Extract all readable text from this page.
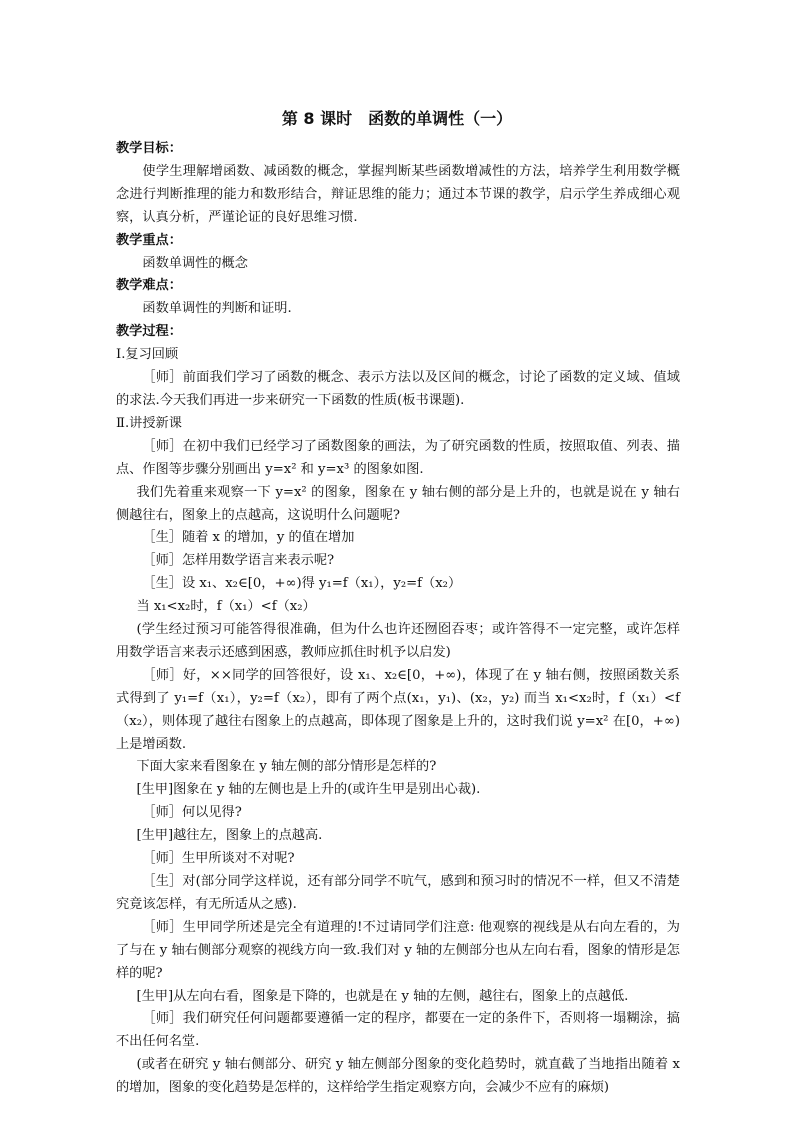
第 8 课时　函数的单调性（一）

教学目标：

使学生理解增函数、减函数的概念，掌握判断某些函数增减性的方法，培养学生利用数学概念进行判断推理的能力和数形结合，辩证思维的能力；通过本节课的教学，启示学生养成细心观察，认真分析，严谨论证的良好思维习惯.

教学重点：

函数单调性的概念

教学难点：

函数单调性的判断和证明.

教学过程：

Ⅰ.复习回顾

［师］前面我们学习了函数的概念、表示方法以及区间的概念，讨论了函数的定义域、值域的求法.今天我们再进一步来研究一下函数的性质(板书课题).

Ⅱ.讲授新课

［师］在初中我们已经学习了函数图象的画法，为了研究函数的性质，按照取值、列表、描点、作图等步骤分别画出 y=x² 和 y=x³ 的图象如图.

我们先着重来观察一下 y=x² 的图象，图象在 y 轴右侧的部分是上升的，也就是说在 y 轴右侧越往右，图象上的点越高，这说明什么问题呢?

［生］随着 x 的增加，y 的值在增加

［师］怎样用数学语言来表示呢?

［生］设 x₁、x₂∈[0，+∞)得 y₁=f（x₁），y₂=f（x₂）

当 x₁<x₂时，f（x₁）<f（x₂）

(学生经过预习可能答得很准确，但为什么也许还囫囵吞枣；或许答得不一定完整，或许怎样用数学语言来表示还感到困惑，教师应抓住时机予以启发)

［师］好，××同学的回答很好，设 x₁、x₂∈[0，+∞)，体现了在 y 轴右侧，按照函数关系式得到了 y₁=f（x₁），y₂=f（x₂），即有了两个点(x₁，y₁)、(x₂，y₂) 而当 x₁<x₂时，f（x₁）<f（x₂），则体现了越往右图象上的点越高，即体现了图象是上升的，这时我们说 y=x² 在[0，+∞)上是增函数.

下面大家来看图象在 y 轴左侧的部分情形是怎样的?

[生甲]图象在 y 轴的左侧也是上升的(或许生甲是别出心裁).

［师］何以见得?

[生甲]越往左，图象上的点越高.

［师］生甲所谈对不对呢?

［生］对(部分同学这样说，还有部分同学不吭气，感到和预习时的情况不一样，但又不清楚究竟该怎样，有无所适从之感).

［师］生甲同学所述是完全有道理的!不过请同学们注意: 他观察的视线是从右向左看的，为了与在 y 轴右侧部分观察的视线方向一致.我们对 y 轴的左侧部分也从左向右看，图象的情形是怎样的呢?

[生甲]从左向右看，图象是下降的，也就是在 y 轴的左侧，越往右，图象上的点越低.

［师］我们研究任何问题都要遵循一定的程序，都要在一定的条件下，否则将一塌糊涂，搞不出任何名堂.

(或者在研究 y 轴右侧部分、研究 y 轴左侧部分图象的变化趋势时，就直截了当地指出随着 x 的增加，图象的变化趋势是怎样的，这样给学生指定观察方向，会减少不应有的麻烦)
